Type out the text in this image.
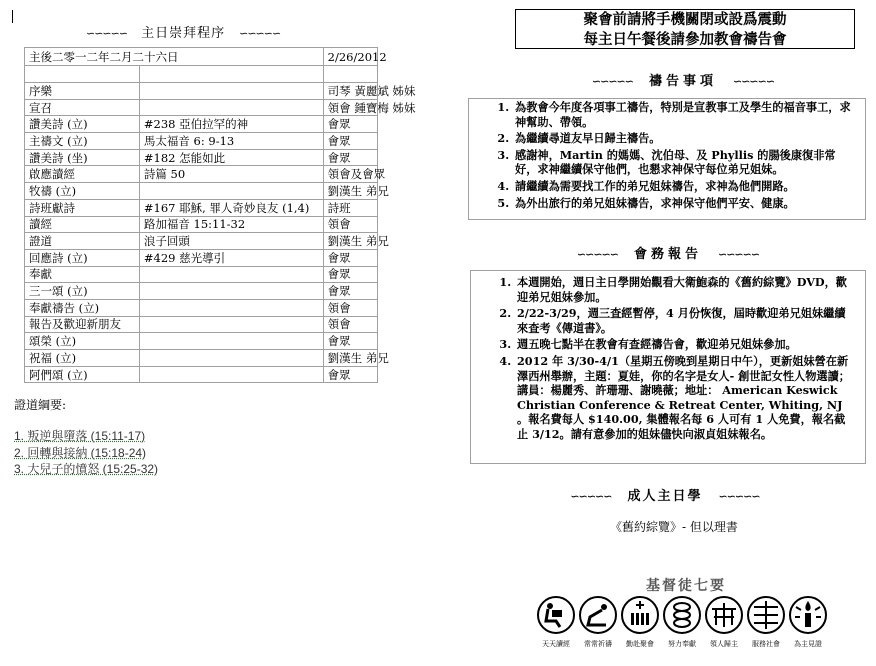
∽∽∽∽∽ 主日崇拜程序 ∽∽∽∽∽
主後二零一二年二月二十六日		2/26/2012

序樂		司琴 黃麗斌 姊妹
宣召		領會 鍾寶梅 姊妹
讚美詩 (立)	#238 亞伯拉罕的神	會眾
主禱文 (立)	馬太福音 6: 9-13	會眾
讚美詩 (坐)	#182 怎能如此	會眾
啟應讀經	詩篇 50	領會及會眾
牧禱 (立)		劉漢生 弟兄
詩班獻詩	#167 耶穌, 罪人奇妙良友 (1,4)	詩班
讀經	路加福音 15:11-32	領會
證道	浪子回頭	劉漢生 弟兄
回應詩 (立)	#429 慈光導引	會眾
奉獻		會眾
三一頌 (立)		會眾
奉獻禱告 (立)		領會
報告及歡迎新朋友		領會
頌榮 (立)		會眾
祝福 (立)		劉漢生 弟兄
阿們頌 (立)		會眾
證道綱要:
1. 叛逆與墮落 (15:11-17)
2. 回轉與接納 (15:18-24)
3. 大兒子的憤怒 (15:25-32)
聚會前請將手機關閉或設爲震動
每主日午餐後請參加教會禱告會
∽∽∽∽∽ 禱告事項 ∽∽∽∽∽
1. 為教會今年度各項事工禱告，特別是宣教事工及學生的福音事工，求神幫助、帶領。
2. 為繼續尋道友早日歸主禱告。
3. 感謝神，Martin 的媽媽、沈伯母、及 Phyllis 的腸後康復非常好，求神繼續保守他們，也懇求神保守每位弟兄姐妹。
4. 請繼續為需要找工作的弟兄姐妹禱告，求神為他們開路。
5. 為外出旅行的弟兄姐妹禱告，求神保守他們平安、健康。
∽∽∽∽∽ 會務報告 ∽∽∽∽∽
1. 本週開始，週日主日學開始觀看大衛鮑森的《舊約綜覽》DVD，歡迎弟兄姐妹參加。
2. 2/22-3/29，週三查經暫停，4 月份恢復，屆時歡迎弟兄姐妹繼續來查考《傳道書》。
3. 週五晚七點半在教會有查經禱告會，歡迎弟兄姐妹參加。
4. 2012 年 3/30-4/1（星期五傍晚到星期日中午），更新姐妹營在新澤西州舉辦，主題：夏娃，你的名字是女人- 創世記女性人物選讀；講員：楊麗秀、許珊珊、謝曉薇；地址： American Keswick Christian Conference & Retreat Center, Whiting, NJ 。報名費每人 $140.00, 集體報名每 6 人可有 1 人免費，報名截止 3/12。請有意參加的姐妹儘快向淑貞姐妹報名。
∽∽∽∽∽ 成人主日學 ∽∽∽∽∽
《舊約綜覽》- 但以理書
基督徒七要
天天讀經	常常祈禱	勤赴聚會	努力奉獻	領人歸主	服務社會	為主見證
